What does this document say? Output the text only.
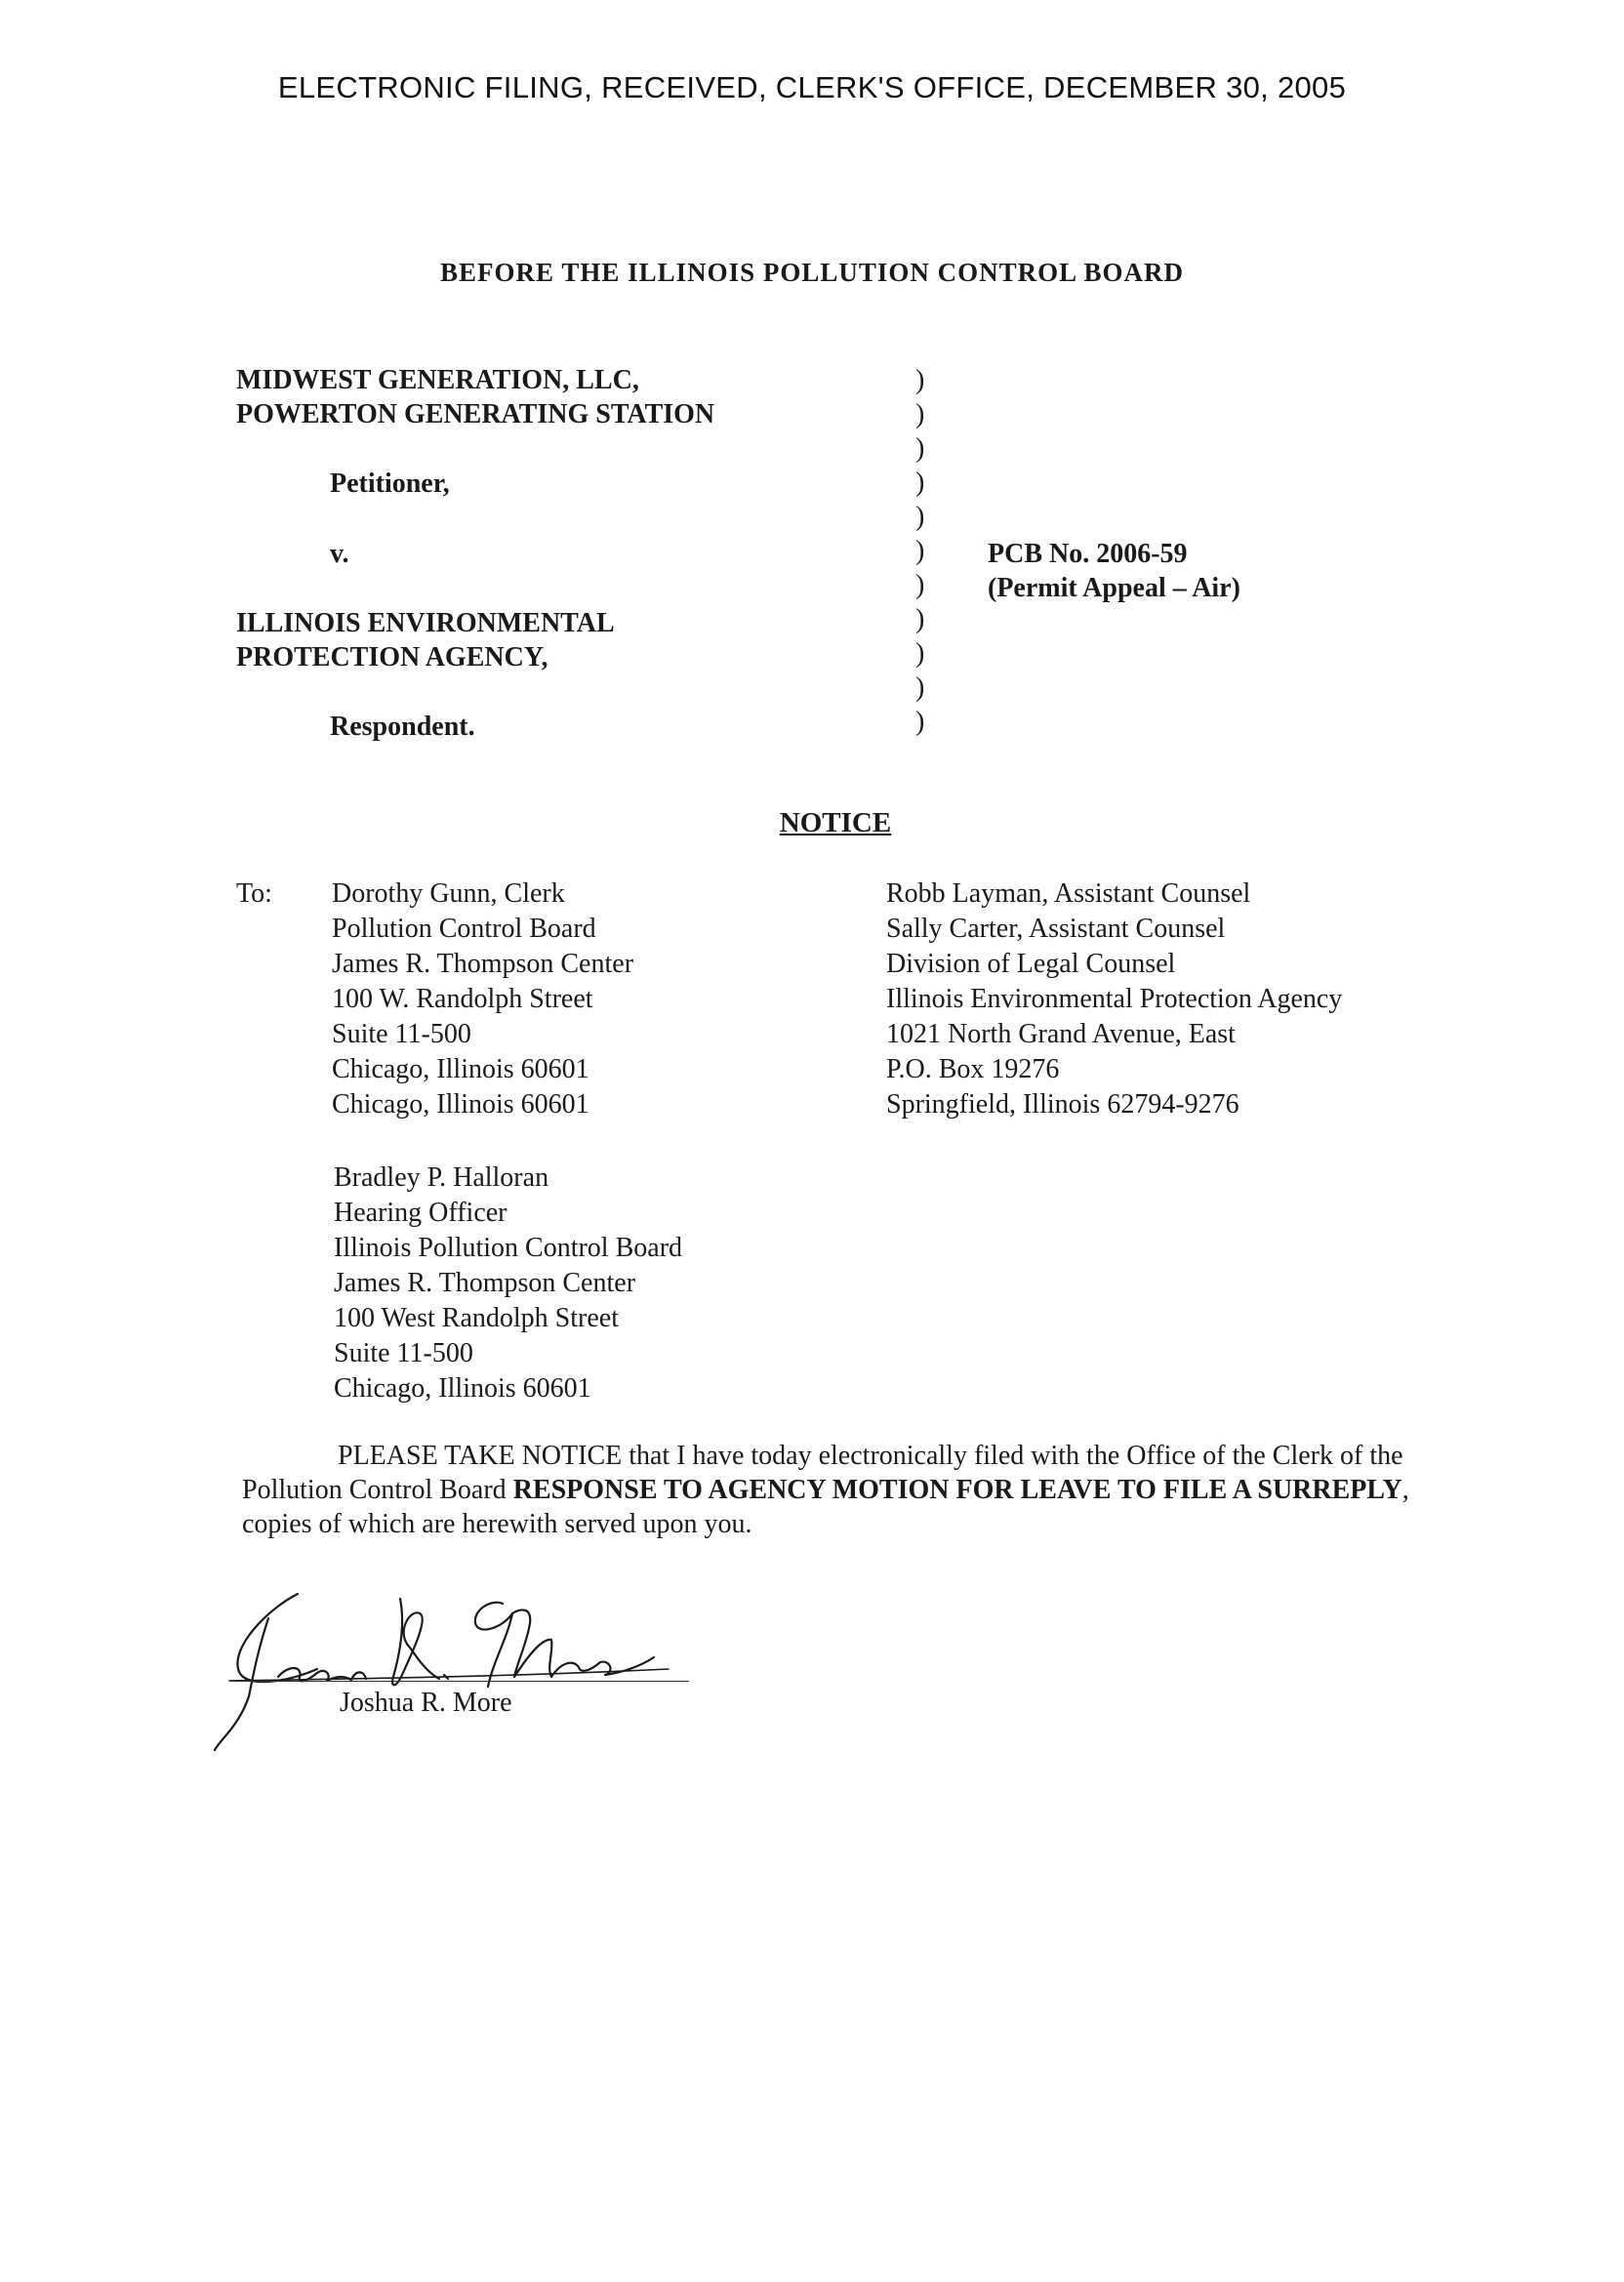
ELECTRONIC FILING, RECEIVED, CLERK'S OFFICE, DECEMBER 30, 2005
BEFORE THE ILLINOIS POLLUTION CONTROL BOARD
MIDWEST GENERATION, LLC,
POWERTON GENERATING STATION
Petitioner,
v.
ILLINOIS ENVIRONMENTAL
PROTECTION AGENCY,
Respondent.
)
)
)
)
)
)
)
)
)
)
)
PCB No. 2006-59
(Permit Appeal – Air)
NOTICE
To: Dorothy Gunn, Clerk
Pollution Control Board
James R. Thompson Center
100 W. Randolph Street
Suite 11-500
Chicago, Illinois 60601
Chicago, Illinois 60601
Robb Layman, Assistant Counsel
Sally Carter, Assistant Counsel
Division of Legal Counsel
Illinois Environmental Protection Agency
1021 North Grand Avenue, East
P.O. Box 19276
Springfield, Illinois 62794-9276
Bradley P. Halloran
Hearing Officer
Illinois Pollution Control Board
James R. Thompson Center
100 West Randolph Street
Suite 11-500
Chicago, Illinois 60601
PLEASE TAKE NOTICE that I have today electronically filed with the Office of the Clerk of the Pollution Control Board RESPONSE TO AGENCY MOTION FOR LEAVE TO FILE A SURREPLY, copies of which are herewith served upon you.
Joshua R. More
